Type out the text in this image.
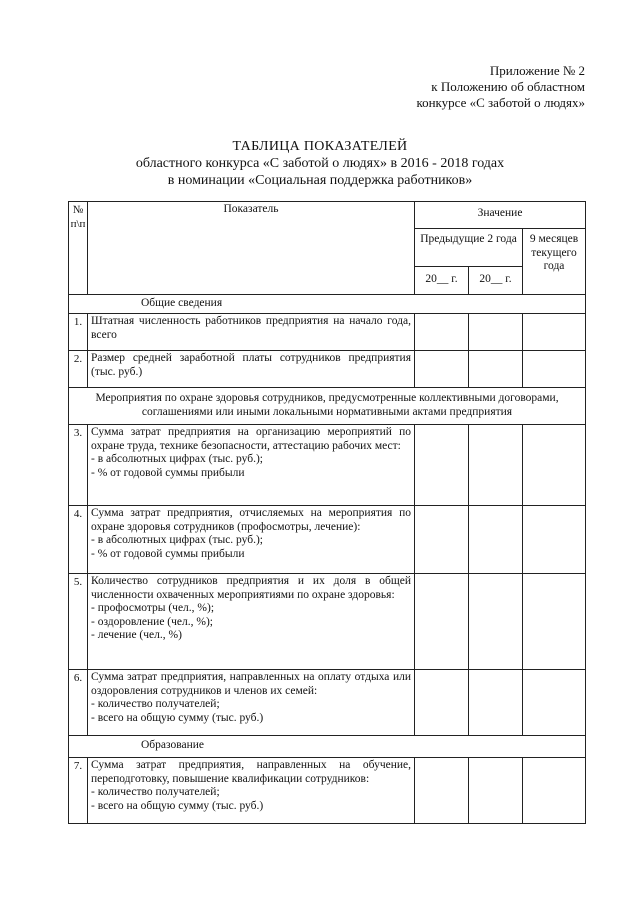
Приложение № 2
к Положению об областном
конкурсе «С заботой о людях»
ТАБЛИЦА ПОКАЗАТЕЛЕЙ
областного конкурса «С заботой о людях» в 2016 - 2018 годах
в номинации «Социальная поддержка работников»
№ п\п	Показатель	Значение		
		Предыдущие 2 года		9 месяцев текущего года
		20__ г.	20__ г.	
Общие сведения				
1.	Штатная численность работников предприятия на начало года, всего			
2.	Размер средней заработной платы сотрудников предприятия (тыс. руб.)			
Мероприятия по охране здоровья сотрудников, предусмотренные коллективными договорами, соглашениями или иными локальными нормативными актами предприятия				
3.	Сумма затрат предприятия на организацию мероприятий по охране труда, технике безопасности, аттестацию рабочих мест:
- в абсолютных цифрах (тыс. руб.);
- % от годовой суммы прибыли			

4.	Сумма затрат предприятия, отчисляемых на мероприятия по охране здоровья сотрудников (профосмотры, лечение):
- в абсолютных цифрах (тыс. руб.);
- % от годовой суммы прибыли			

5.	Количество сотрудников предприятия и их доля в общей численности охваченных мероприятиями по охране здоровья:
- профосмотры (чел., %);
- оздоровление (чел., %);
- лечение (чел., %)			

6.	Сумма затрат предприятия, направленных на оплату отдыха или оздоровления сотрудников и членов их семей:
- количество получателей;
- всего на общую сумму (тыс. руб.)			

Образование				
7.	Сумма затрат предприятия, направленных на обучение, переподготовку, повышение квалификации сотрудников:
- количество получателей;
- всего на общую сумму (тыс. руб.)			
